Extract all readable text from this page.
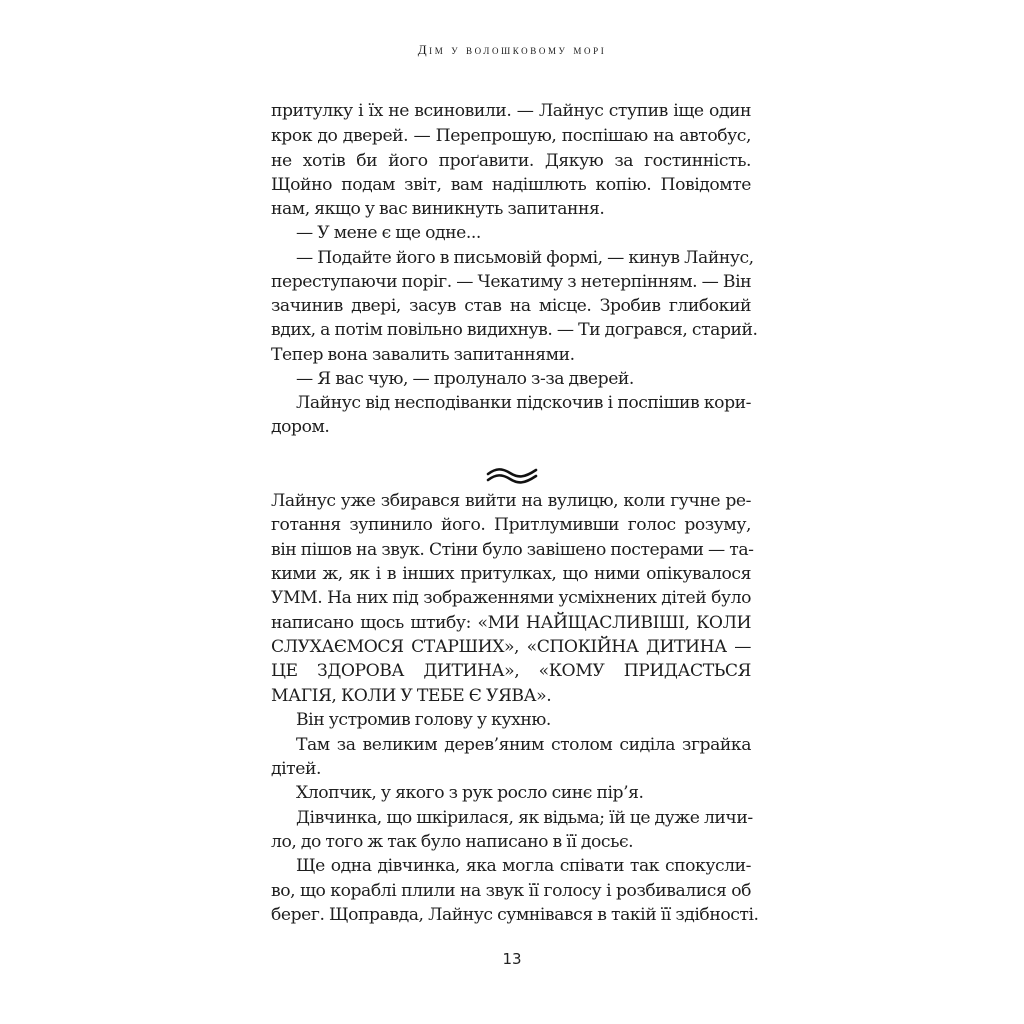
Дім у волошковому морі
притулку і їх не всиновили. — Лайнус ступив іще один
крок до дверей. — Перепрошую, поспішаю на автобус,
не хотів би його проґавити. Дякую за гостинність.
Щойно подам звіт, вам надішлють копію. Повідомте
нам, якщо у вас виникнуть запитання.
— У мене є ще одне...
— Подайте його в письмовій формі, — кинув Лайнус,
переступаючи поріг. — Чекатиму з нетерпінням. — Він
зачинив двері, засув став на місце. Зробив глибокий
вдих, а потім повільно видихнув. — Ти догрався, старий.
Тепер вона завалить запитаннями.
— Я вас чую, — пролунало з-за дверей.
Лайнус від несподіванки підскочив і поспішив кори-
дором.
Лайнус уже збирався вийти на вулицю, коли гучне ре-
готання зупинило його. Притлумивши голос розуму,
він пішов на звук. Стіни було завішено постерами — та-
кими ж, як і в інших притулках, що ними опікувалося
УММ. На них під зображеннями усміхнених дітей було
написано щось штибу: «МИ НАЙЩАСЛИВІШІ, КОЛИ
СЛУХАЄМОСЯ СТАРШИХ», «СПОКІЙНА ДИТИНА —
ЦЕ ЗДОРОВА ДИТИНА», «КОМУ ПРИДАСТЬСЯ
МАГІЯ, КОЛИ У ТЕБЕ Є УЯВА».
Він устромив голову у кухню.
Там за великим дерев’яним столом сиділа зграйка
дітей.
Хлопчик, у якого з рук росло синє пір’я.
Дівчинка, що шкірилася, як відьма; їй це дуже личи-
ло, до того ж так було написано в її досьє.
Ще одна дівчинка, яка могла співати так спокусли-
во, що кораблі плили на звук її голосу і розбивалися об
берег. Щоправда, Лайнус сумнівався в такій її здібності.
13
